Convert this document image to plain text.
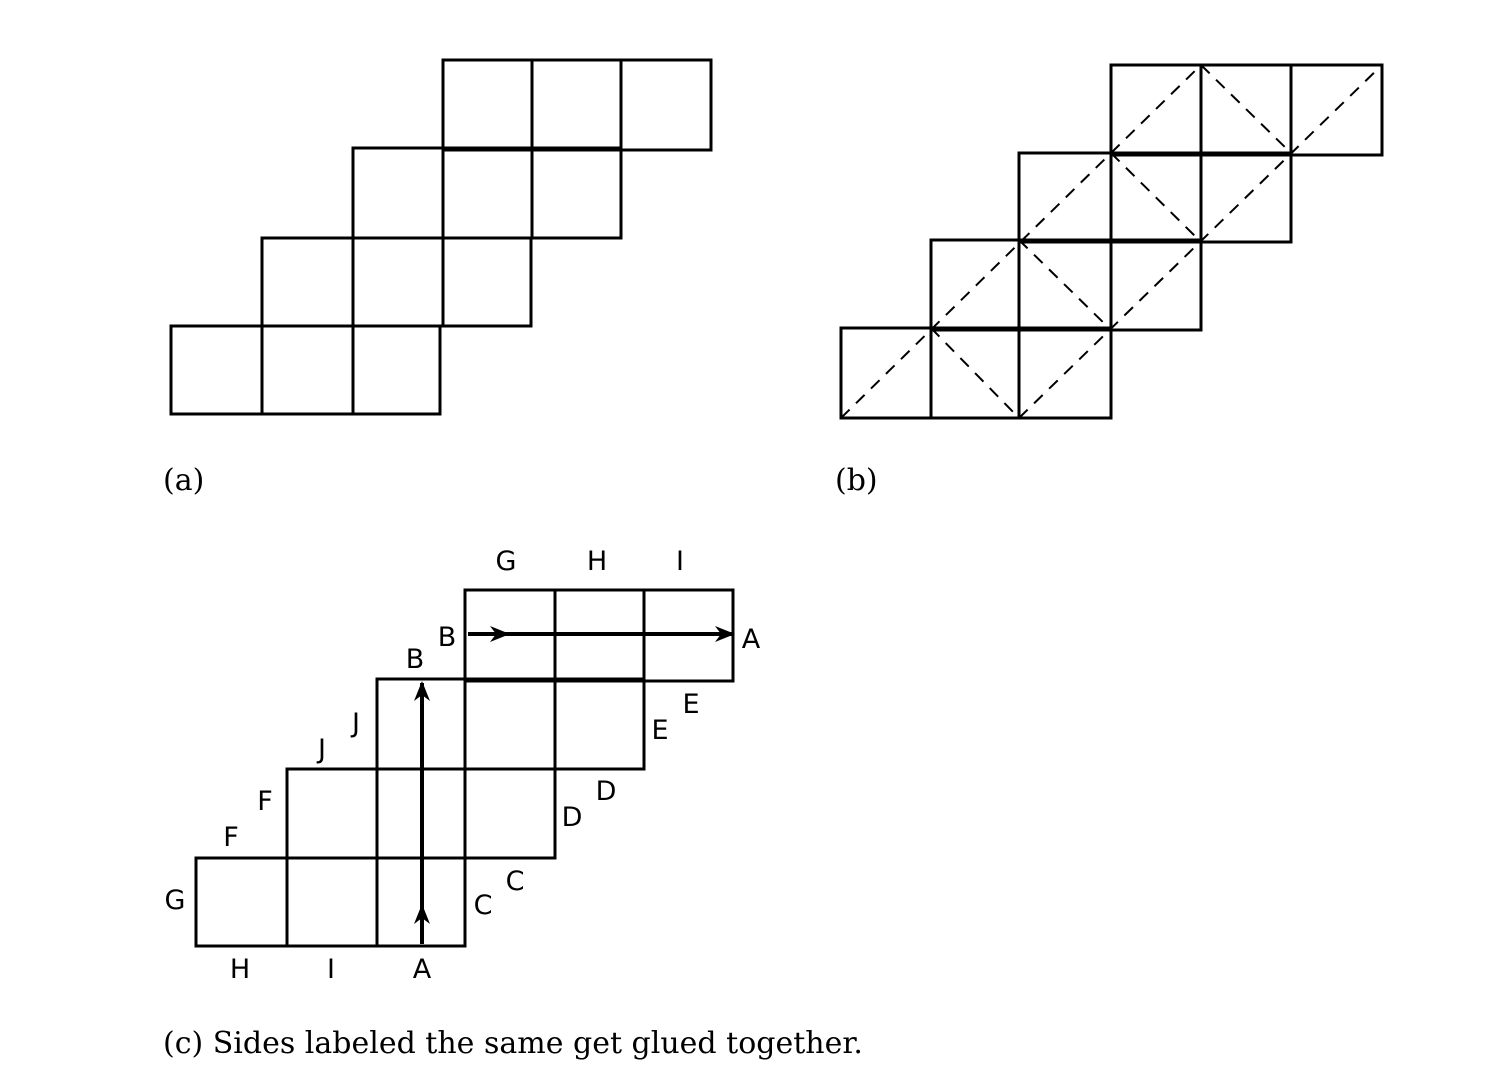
(a)	(b)
G	H	I
A
B
B
E
E
D
D
C
C
J
J
F
F
G
H	I	A
(c) Sides labeled the same get glued together.
